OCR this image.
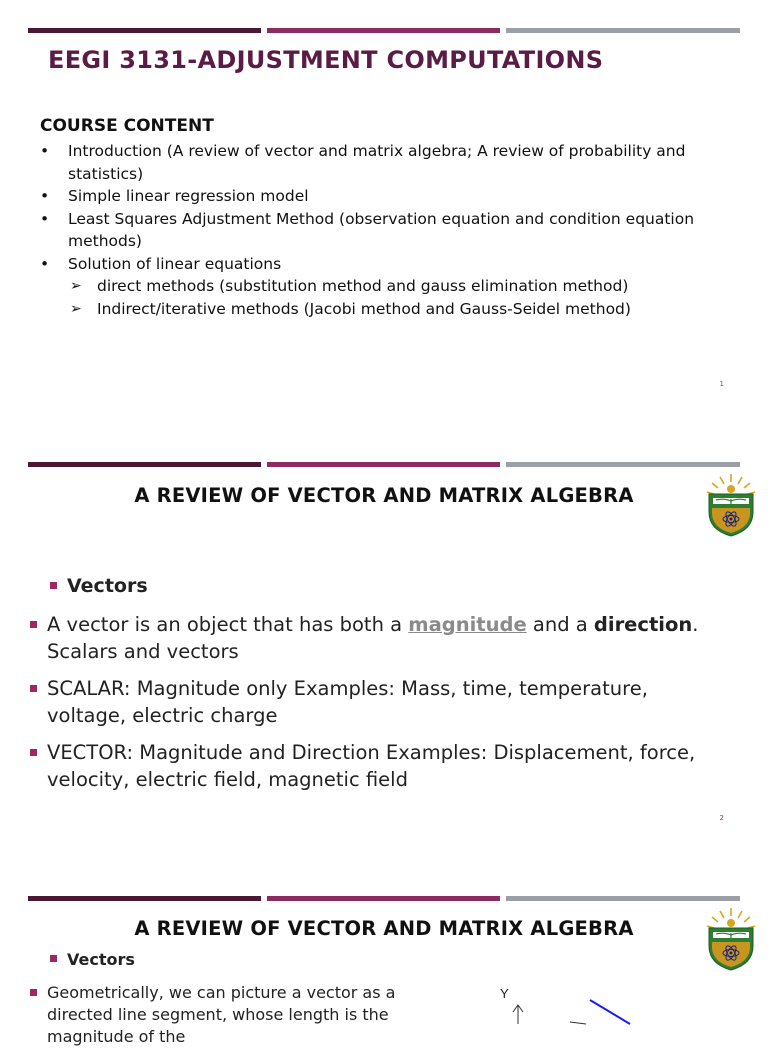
EEGI 3131-ADJUSTMENT COMPUTATIONS
COURSE CONTENT

• Introduction (A review of vector and matrix algebra; A review of probability and statistics)

• Simple linear regression model

• Least Squares Adjustment Method (observation equation and condition equation methods)

• Solution of linear equations

➢ direct methods (substitution method and gauss elimination method)

➢ Indirect/iterative methods (Jacobi method and Gauss-Seidel method)

1
A REVIEW OF VECTOR AND MATRIX ALGEBRA
Vectors
A vector is an object that has both a magnitude and a direction. Scalars and vectors
SCALAR: Magnitude only Examples: Mass, time, temperature, voltage, electric charge
VECTOR: Magnitude and Direction Examples: Displacement, force, velocity, electric field, magnetic field
2
A REVIEW OF VECTOR AND MATRIX ALGEBRA
Vectors
Geometrically, we can picture a vector as a directed line segment, whose length is the magnitude of the
Y
